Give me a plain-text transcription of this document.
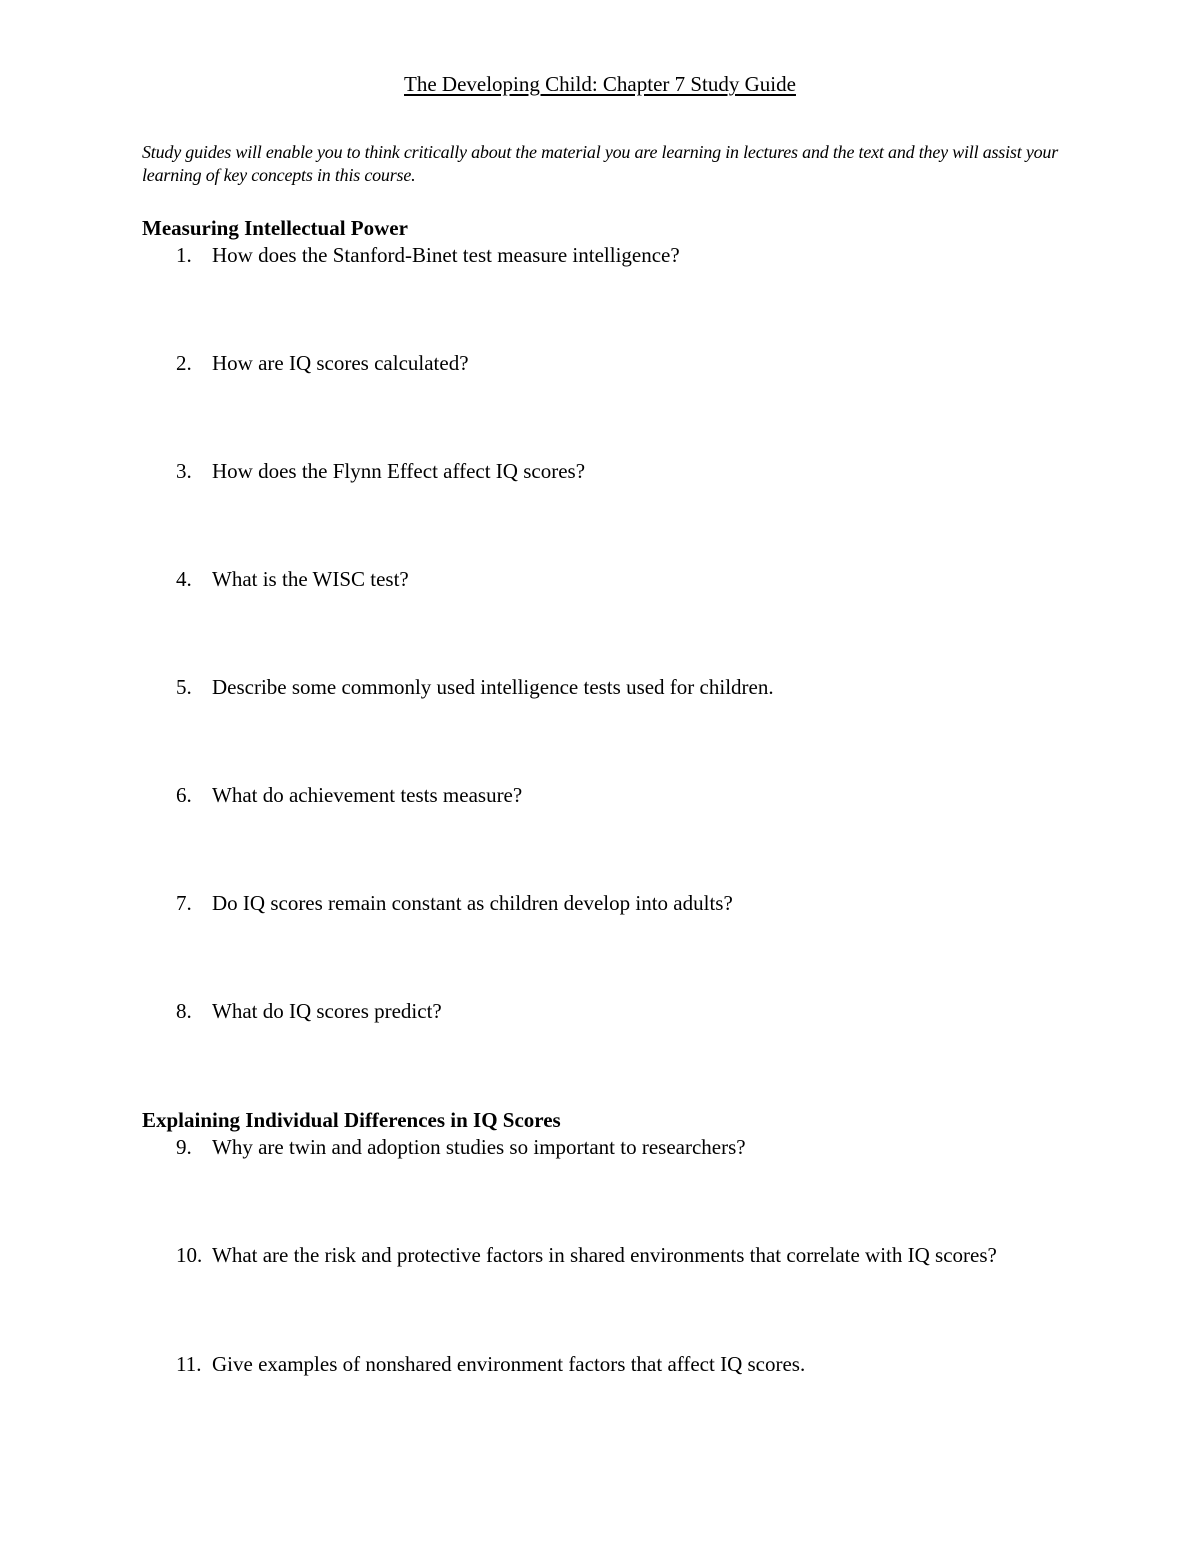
The Developing Child: Chapter 7 Study Guide
Study guides will enable you to think critically about the material you are learning in lectures and the text and they will assist your learning of key concepts in this course.
Measuring Intellectual Power
1. How does the Stanford-Binet test measure intelligence?
2. How are IQ scores calculated?
3. How does the Flynn Effect affect IQ scores?
4. What is the WISC test?
5. Describe some commonly used intelligence tests used for children.
6. What do achievement tests measure?
7. Do IQ scores remain constant as children develop into adults?
8. What do IQ scores predict?
Explaining Individual Differences in IQ Scores
9. Why are twin and adoption studies so important to researchers?
10. What are the risk and protective factors in shared environments that correlate with IQ scores?
11. Give examples of nonshared environment factors that affect IQ scores.
